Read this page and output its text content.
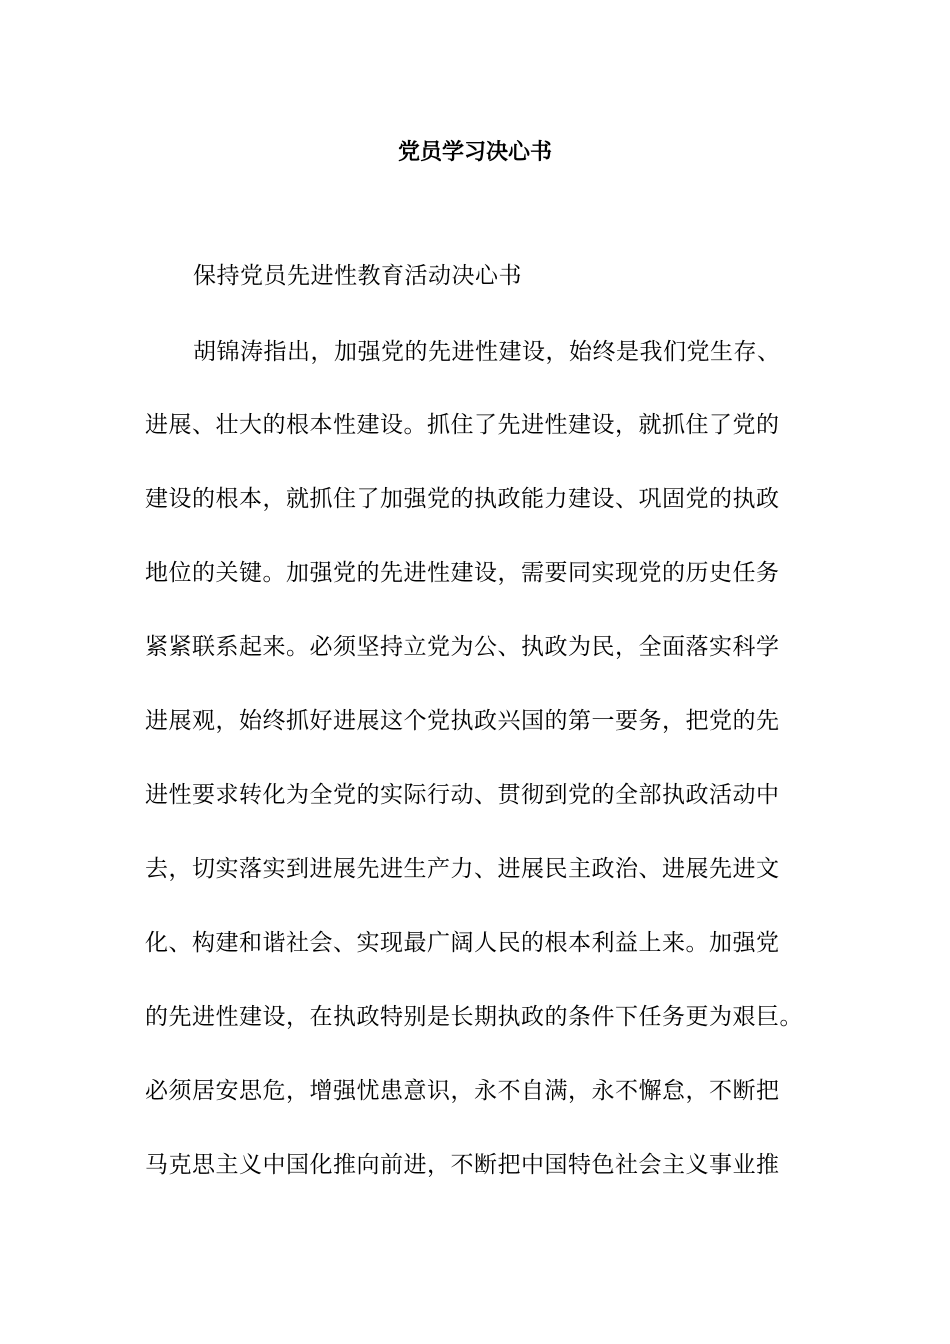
党员学习决心书
保持党员先进性教育活动决心书
胡锦涛指出，加强党的先进性建设，始终是我们党生存、
进展、壮大的根本性建设。抓住了先进性建设，就抓住了党的
建设的根本，就抓住了加强党的执政能力建设、巩固党的执政
地位的关键。加强党的先进性建设，需要同实现党的历史任务
紧紧联系起来。必须坚持立党为公、执政为民，全面落实科学
进展观，始终抓好进展这个党执政兴国的第一要务，把党的先
进性要求转化为全党的实际行动、贯彻到党的全部执政活动中
去，切实落实到进展先进生产力、进展民主政治、进展先进文
化、构建和谐社会、实现最广阔人民的根本利益上来。加强党
的先进性建设，在执政特别是长期执政的条件下任务更为艰巨。
必须居安思危，增强忧患意识，永不自满，永不懈怠，不断把
马克思主义中国化推向前进，不断把中国特色社会主义事业推
